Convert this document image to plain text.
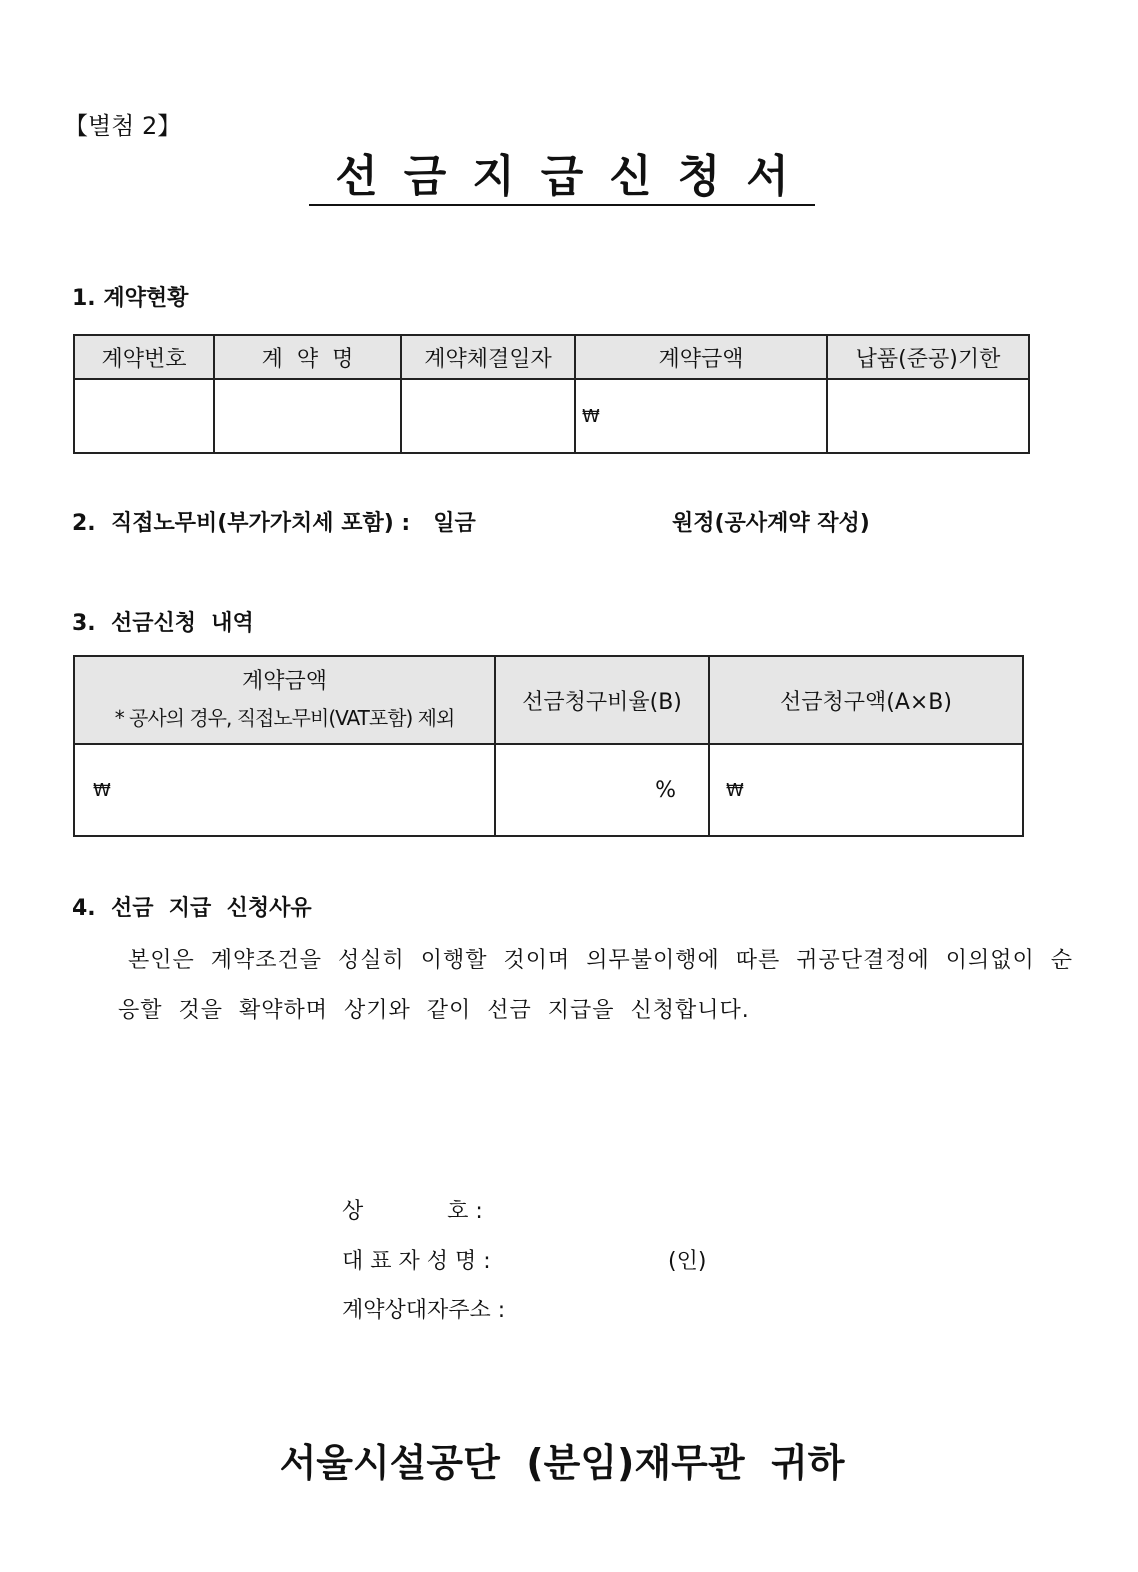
【별첨 2】
선금지급신청서
1. 계약현황
계약번호	계  약  명	계약체결일자	계약금액	납품(준공)기한
			₩	
2.  직접노무비(부가가치세 포함) :   일금	원정(공사계약 작성)
3.  선금신청  내역
계약금액
* 공사의 경우, 직접노무비(VAT포함) 제외	선금청구비율(B)	선금청구액(A×B)
₩	%	₩
4.  선금  지급  신청사유
본인은  계약조건을  성실히  이행할  것이며  의무불이행에  따른  귀공단결정에  이의없이  순
응할  것을  확약하며  상기와  같이  선금  지급을  신청합니다.
상            호 :
대 표 자 성 명 :	(인)
계약상대자주소 :
서울시설공단  (분임)재무관  귀하
